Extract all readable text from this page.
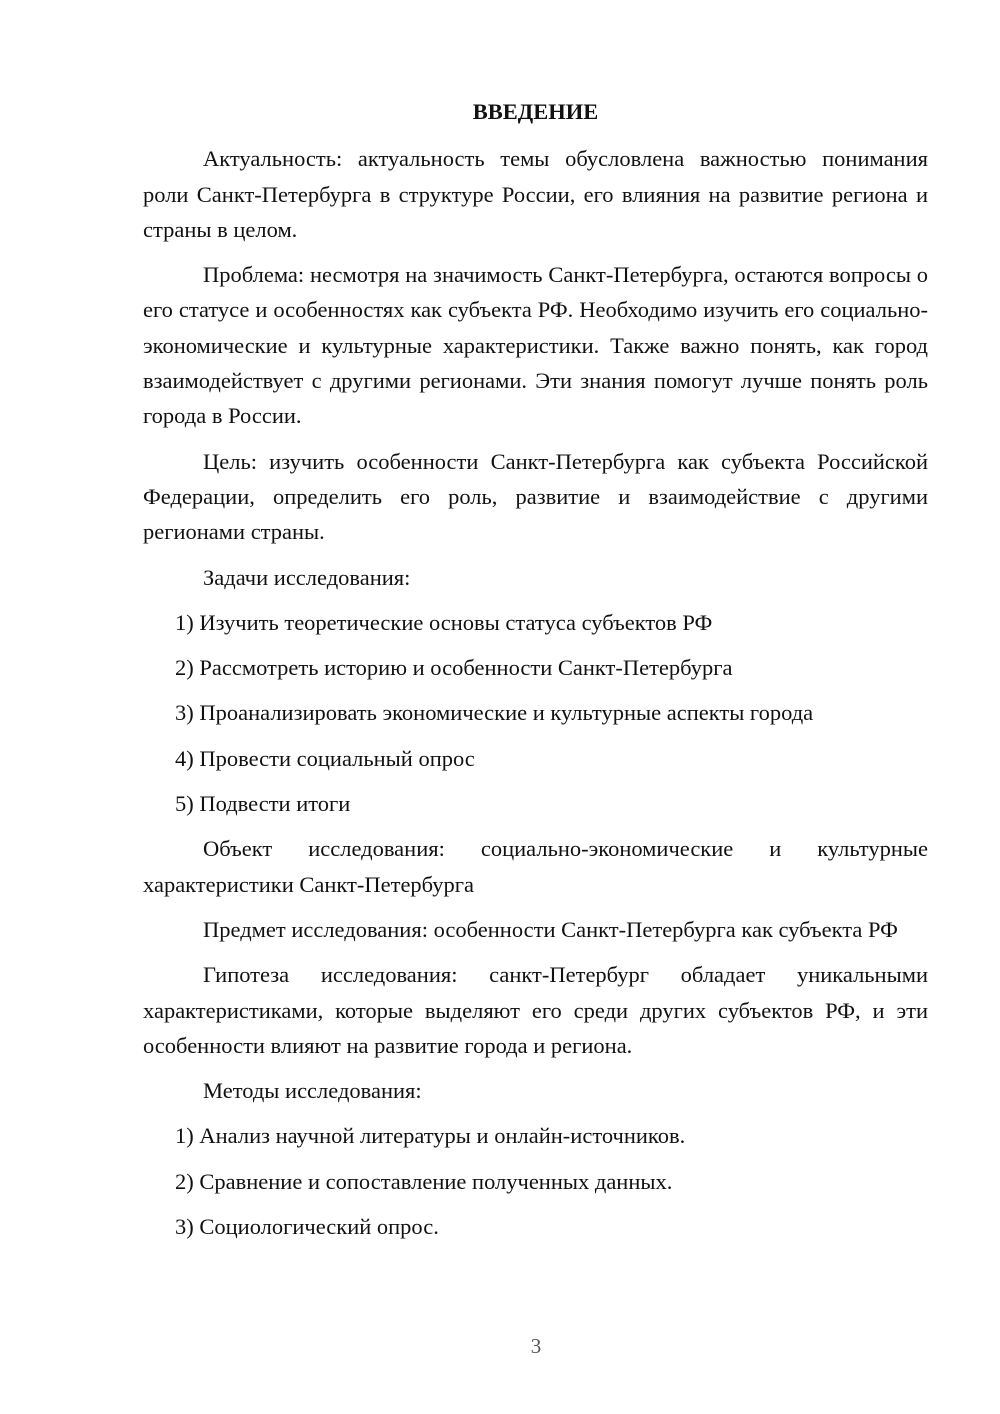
ВВЕДЕНИЕ

Актуальность: актуальность темы обусловлена важностью понимания роли Санкт-Петербурга в структуре России, его влияния на развитие региона и страны в целом.

Проблема: несмотря на значимость Санкт-Петербурга, остаются вопросы о его статусе и особенностях как субъекта РФ. Необходимо изучить его социально-экономические и культурные характеристики. Также важно понять, как город взаимодействует с другими регионами. Эти знания помогут лучше понять роль города в России.

Цель: изучить особенности Санкт-Петербурга как субъекта Российской Федерации, определить его роль, развитие и взаимодействие с другими регионами страны.

Задачи исследования:

1) Изучить теоретические основы статуса субъектов РФ
2) Рассмотреть историю и особенности Санкт-Петербурга
3) Проанализировать экономические и культурные аспекты города
4) Провести социальный опрос
5) Подвести итоги

Объект исследования: социально-экономические и культурные характеристики Санкт-Петербурга

Предмет исследования: особенности Санкт-Петербурга как субъекта РФ

Гипотеза исследования: санкт-Петербург обладает уникальными характеристиками, которые выделяют его среди других субъектов РФ, и эти особенности влияют на развитие города и региона.

Методы исследования:

1) Анализ научной литературы и онлайн-источников.
2) Сравнение и сопоставление полученных данных.
3) Социологический опрос.
3
